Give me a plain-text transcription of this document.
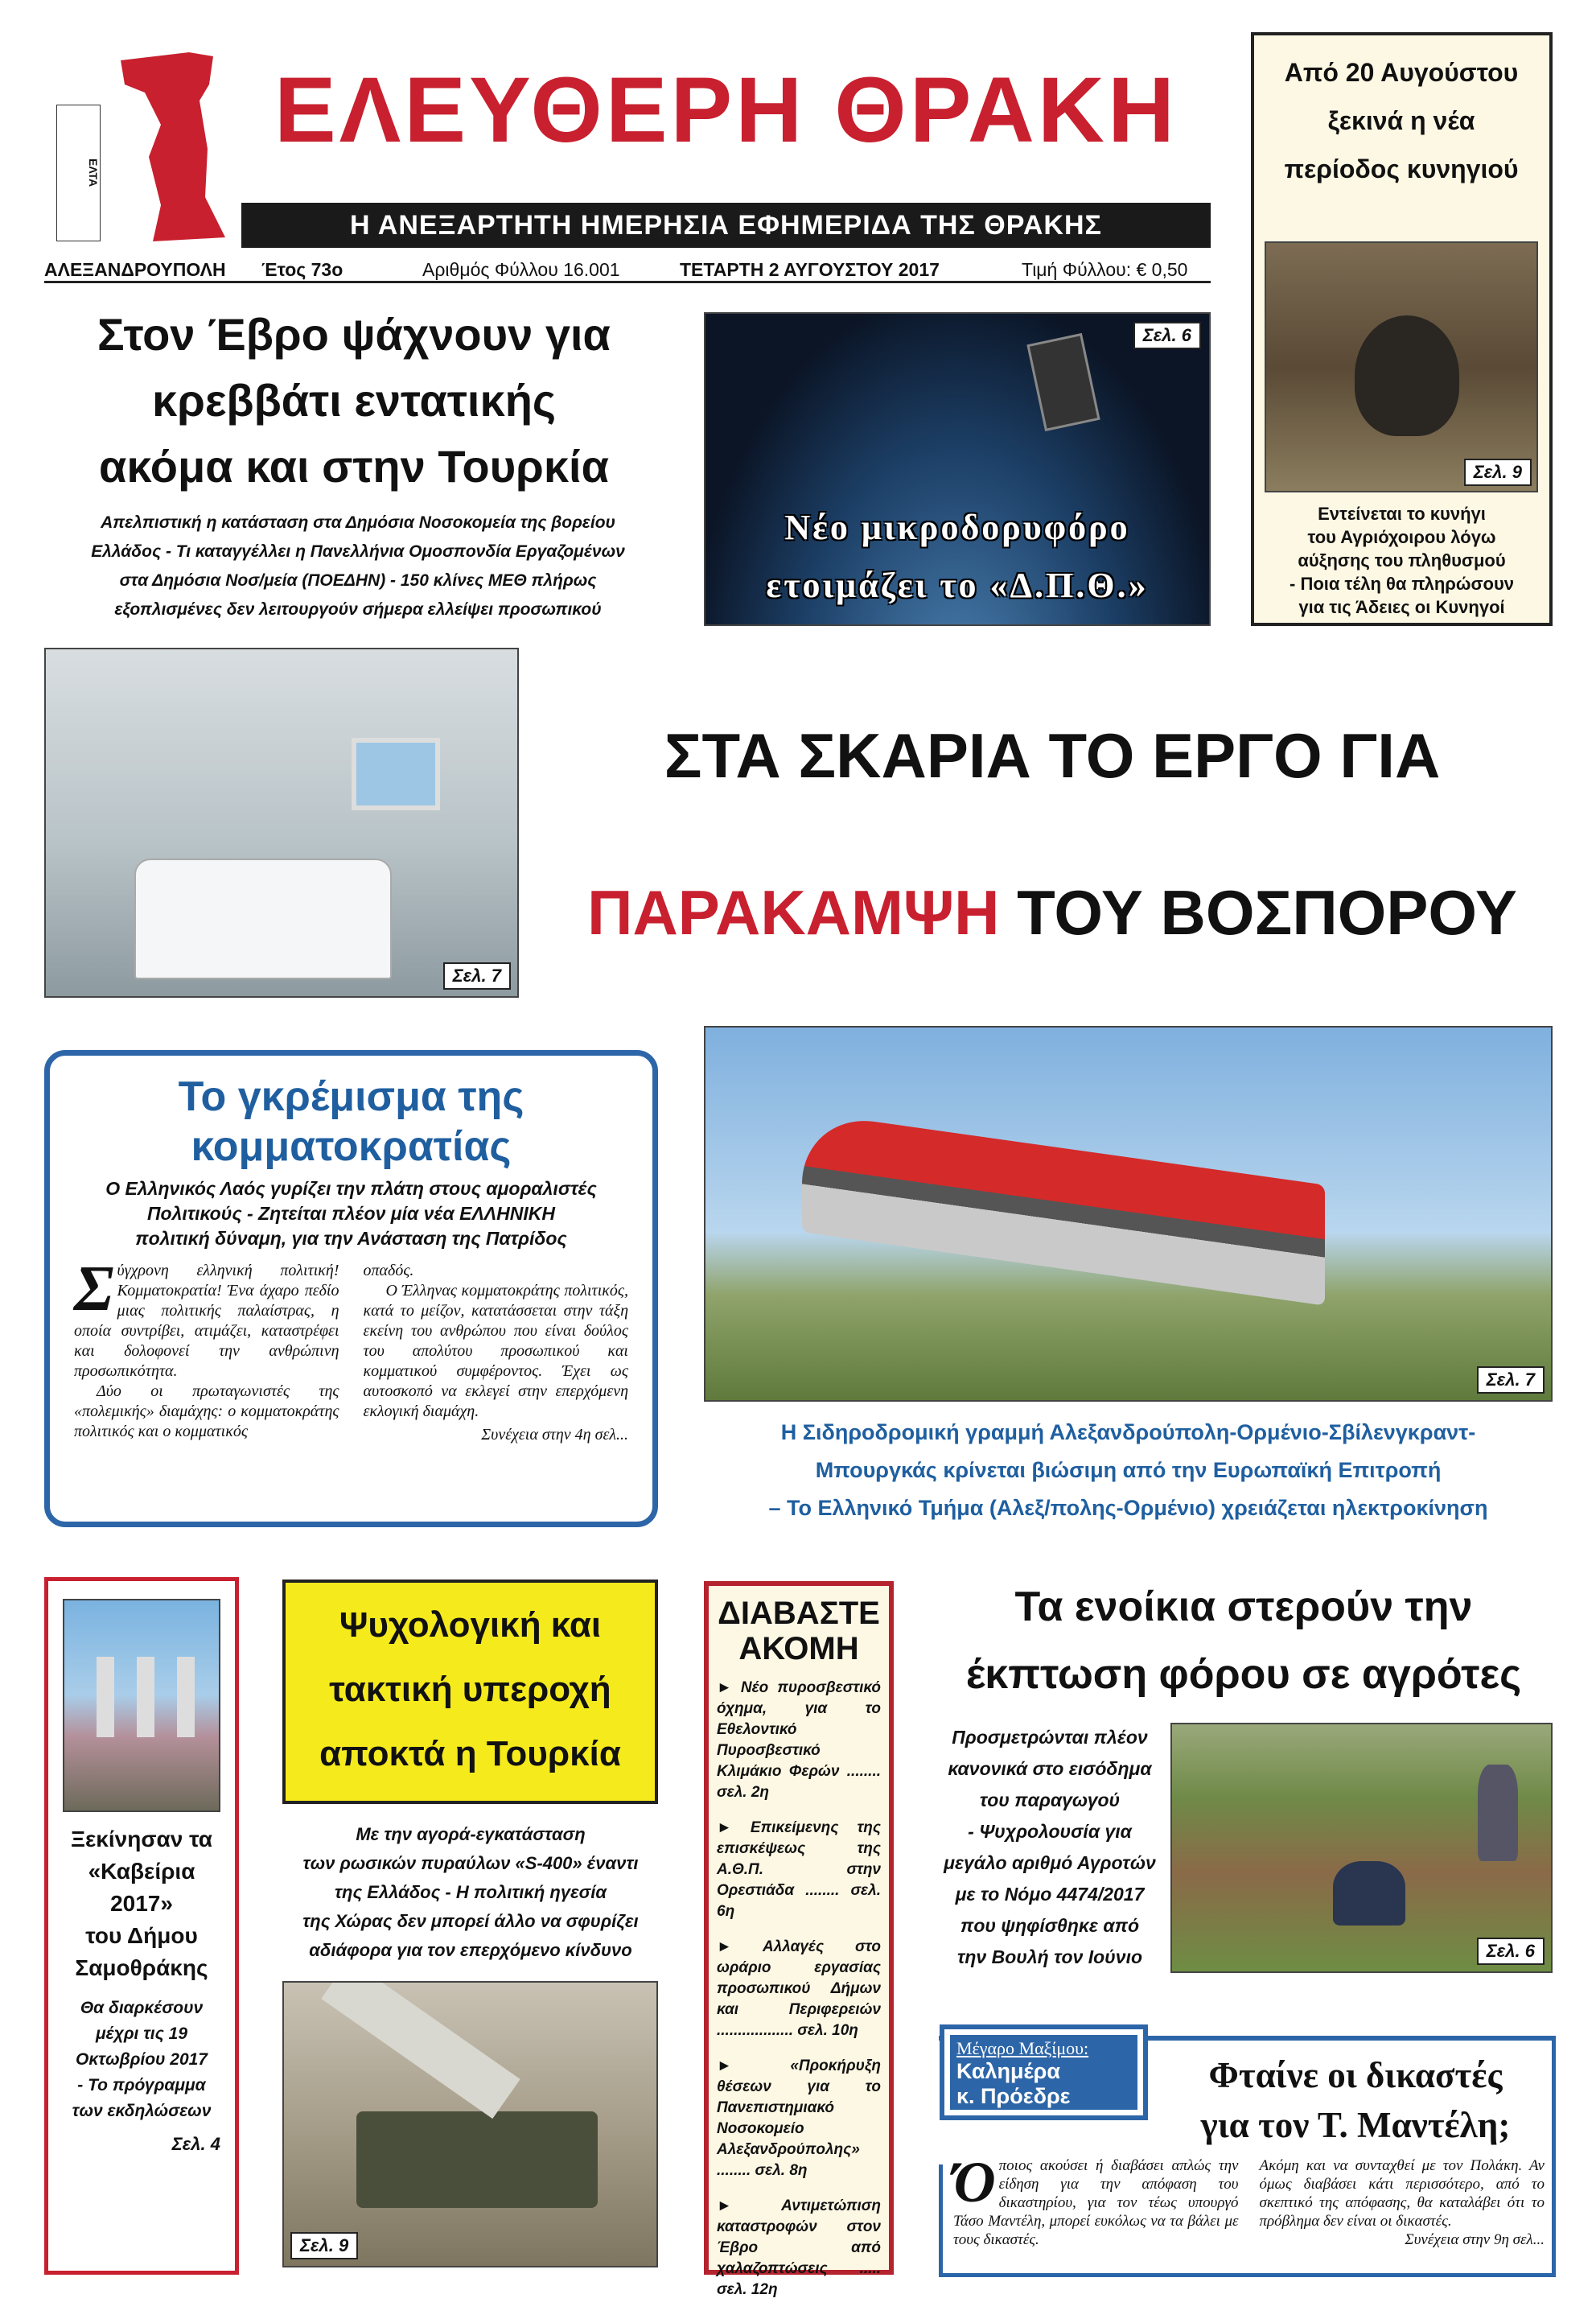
ΕΛΤΑ
ΕΛΕΥΘΕΡΗ ΘΡΑΚΗ
Η ΑΝΕΞΑΡΤΗΤΗ ΗΜΕΡΗΣΙΑ ΕΦΗΜΕΡΙΔΑ ΤΗΣ ΘΡΑΚΗΣ
ΑΛΕΞΑΝΔΡΟΥΠΟΛΗ Έτος 73ο	Αριθμός Φύλλου 16.001	ΤΕΤΑΡΤΗ 2 ΑΥΓΟΥΣΤΟΥ 2017	Τιμή Φύλλου: € 0,50
Από 20 Αυγούστου
ξεκινά η νέα
περίοδος κυνηγιού
Σελ. 9
Εντείνεται το κυνήγι
του Αγριόχοιρου λόγω
αύξησης του πληθυσμού
- Ποια τέλη θα πληρώσουν
για τις Άδειες οι Κυνηγοί
Στον Έβρο ψάχνουν για
κρεββάτι εντατικής
ακόμα και στην Τουρκία
Απελπιστική η κατάσταση στα Δημόσια Νοσοκομεία της βορείου
Ελλάδος - Τι καταγγέλλει η Πανελλήνια Ομοσπονδία Εργαζομένων
στα Δημόσια Νοσ/μεία (ΠΟΕΔΗΝ) - 150 κλίνες ΜΕΘ πλήρως
εξοπλισμένες δεν λειτουργούν σήμερα ελλείψει προσωπικού
Σελ. 6
Νέο μικροδορυφόρο
ετοιμάζει το «Δ.Π.Θ.»
Σελ. 7
ΣΤΑ ΣΚΑΡΙΑ ΤΟ ΕΡΓΟ ΓΙΑ
ΠΑΡΑΚΑΜΨΗ ΤΟΥ ΒΟΣΠΟΡΟΥ
Το γκρέμισμα της
κομματοκρατίας
Ο Ελληνικός Λαός γυρίζει την πλάτη στους αμοραλιστές
Πολιτικούς - Ζητείται πλέον μία νέα ΕΛΛΗΝΙΚΗ
πολιτική δύναμη, για την Ανάσταση της Πατρίδος

Σύγχρονη ελληνική πολιτική! Κομματοκρατία! Ένα άχαρο πεδίο μιας πολιτικής παλαίστρας, η οποία συντρίβει, ατιμάζει, καταστρέφει και δολοφονεί την ανθρώπινη προσωπικότητα.

Δύο οι πρωταγωνιστές της «πολεμικής» διαμάχης: ο κομματοκράτης πολιτικός και ο κομματικός

οπαδός.

Ο Έλληνας κομματοκράτης πολιτικός, κατά το μείζον, κατατάσσεται στην τάξη εκείνη του ανθρώπου που είναι δούλος του απολύτου προσωπικού και κομματικού συμφέροντος. Έχει ως αυτοσκοπό να εκλεγεί στην επερχόμενη εκλογική διαμάχη.

Συνέχεια στην 4η σελ...
Σελ. 7
Η Σιδηροδρομική γραμμή Αλεξανδρούπολη-Ορμένιο-Σβίλενγκραντ-
Μπουργκάς κρίνεται βιώσιμη από την Ευρωπαϊκή Επιτροπή
– Το Ελληνικό Τμήμα (Αλεξ/πολης-Ορμένιο) χρειάζεται ηλεκτροκίνηση
Ξεκίνησαν τα
«Καβείρια 2017»
του Δήμου
Σαμοθράκης
Θα διαρκέσουν
μέχρι τις 19
Οκτωβρίου 2017
- Το πρόγραμμα
των εκδηλώσεων
Σελ. 4
Ψυχολογική και
τακτική υπεροχή
αποκτά η Τουρκία
Με την αγορά-εγκατάσταση
των ρωσικών πυραύλων «S-400» έναντι
της Ελλάδος - Η πολιτική ηγεσία
της Χώρας δεν μπορεί άλλο να σφυρίζει
αδιάφορα για τον επερχόμενο κίνδυνο
Σελ. 9
ΔΙΑΒΑΣΤΕ
ΑΚΟΜΗ
► Νέο πυροσβεστικό όχημα, για το Εθελοντικό Πυροσβεστικό Κλιμάκιο Φερών ........ σελ. 2η
► Επικείμενης της επισκέψεως της Α.Θ.Π. στην Ορεστιάδα ........ σελ. 6η
► Αλλαγές στο ωράριο εργασίας προσωπικού Δήμων και Περιφερειών .................. σελ. 10η
► «Προκήρυξη θέσεων για το Πανεπιστημιακό Νοσοκομείο Αλεξανδρούπολης» ........ σελ. 8η
► Αντιμετώπιση καταστροφών στον Έβρο από χαλαζοπτώσεις ..... σελ. 12η
Τα ενοίκια στερούν την
έκπτωση φόρου σε αγρότες
Προσμετρώνται πλέον
κανονικά στο εισόδημα
του παραγωγού
- Ψυχρολουσία για
μεγάλο αριθμό Αγροτών
με το Νόμο 4474/2017
που ψηφίσθηκε από
την Βουλή τον Ιούνιο	Σελ. 6
Μέγαρο Μαξίμου:
Καλημέρα
κ. Πρόεδρε
Φταίνε οι δικαστές
για τον Τ. Μαντέλη;
Όποιος ακούσει ή διαβάσει απλώς την είδηση για την απόφαση του δικαστηρίου, για τον τέως υπουργό Τάσο Μαντέλη, μπορεί ευκόλως να τα βάλει με τους δικαστές.
Ακόμη και να συνταχθεί με τον Πολάκη. Αν όμως διαβάσει κάτι περισσότερο, από το σκεπτικό της απόφασης, θα καταλάβει ότι το πρόβλημα δεν είναι οι δικαστές.
Συνέχεια στην 9η σελ...
